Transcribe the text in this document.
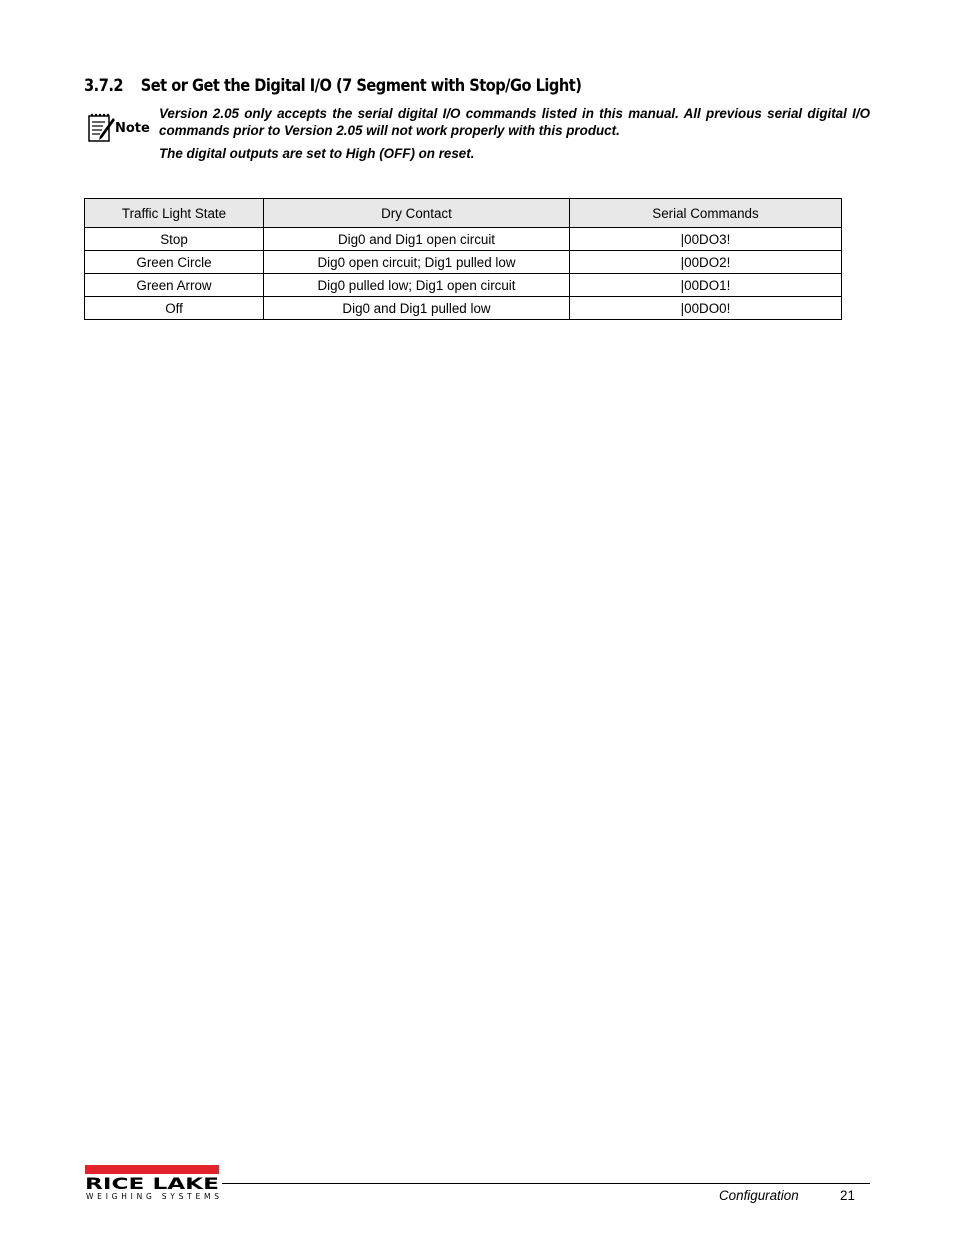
3.7.2 Set or Get the Digital I/O (7 Segment with Stop/Go Light)
Note

Version 2.05 only accepts the serial digital I/O commands listed in this manual. All previous serial digital I/O commands prior to Version 2.05 will not work properly with this product.

The digital outputs are set to High (OFF) on reset.

Traffic Light State	Dry Contact	Serial Commands
Stop	Dig0 and Dig1 open circuit	|00DO3!
Green Circle	Dig0 open circuit; Dig1 pulled low	|00DO2!
Green Arrow	Dig0 pulled low; Dig1 open circuit	|00DO1!
Off	Dig0 and Dig1 pulled low	|00DO0!
RICE LAKE
WEIGHING SYSTEMS	Configuration	21
